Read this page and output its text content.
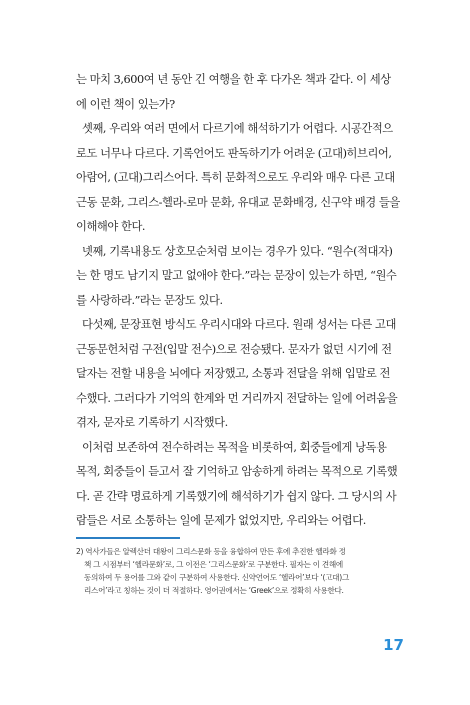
는 마치 3,600여 년 동안 긴 여행을 한 후 다가온 책과 같다. 이 세상에 이런 책이 있는가?

셋째, 우리와 여러 면에서 다르기에 해석하기가 어렵다. 시공간적으로도 너무나 다르다. 기록언어도 판독하기가 어려운 (고대)히브리어, 아람어, (고대)그리스어다. 특히 문화적으로도 우리와 매우 다른 고대근동 문화, 그리스-헬라-로마 문화, 유대교 문화배경, 신구약 배경 들을 이해해야 한다.

넷째, 기록내용도 상호모순처럼 보이는 경우가 있다. “원수(적대자)는 한 명도 남기지 말고 없애야 한다.”라는 문장이 있는가 하면, “원수를 사랑하라.”라는 문장도 있다.

다섯째, 문장표현 방식도 우리시대와 다르다. 원래 성서는 다른 고대근동문헌처럼 구전(입말 전수)으로 전승됐다. 문자가 없던 시기에 전달자는 전할 내용을 뇌에다 저장했고, 소통과 전달을 위해 입말로 전수했다. 그러다가 기억의 한계와 먼 거리까지 전달하는 일에 어려움을 겪자, 문자로 기록하기 시작했다.

이처럼 보존하여 전수하려는 목적을 비롯하여, 회중들에게 낭독용 목적, 회중들이 듣고서 잘 기억하고 암송하게 하려는 목적으로 기록했다. 곧 간략 명료하게 기록했기에 해석하기가 쉽지 않다. 그 당시의 사람들은 서로 소통하는 일에 문제가 없었지만, 우리와는 어렵다.

2) 역사가들은 알렉산더 대왕이 그리스문화 등을 융합하여 만든 후에 추진한 헬라화 정
책 그 시점부터 ‘헬라문화’로, 그 이전은 ‘그리스문화’로 구분한다. 필자는 이 견해에
동의하여 두 용어를 그와 같이 구분하여 사용한다. 신약언어도 ‘헬라어’보다 ‘(고대)그
리스어’라고 칭하는 것이 더 적절하다. 영어권에서는 ‘Greek’으로 정확히 사용한다.
17
